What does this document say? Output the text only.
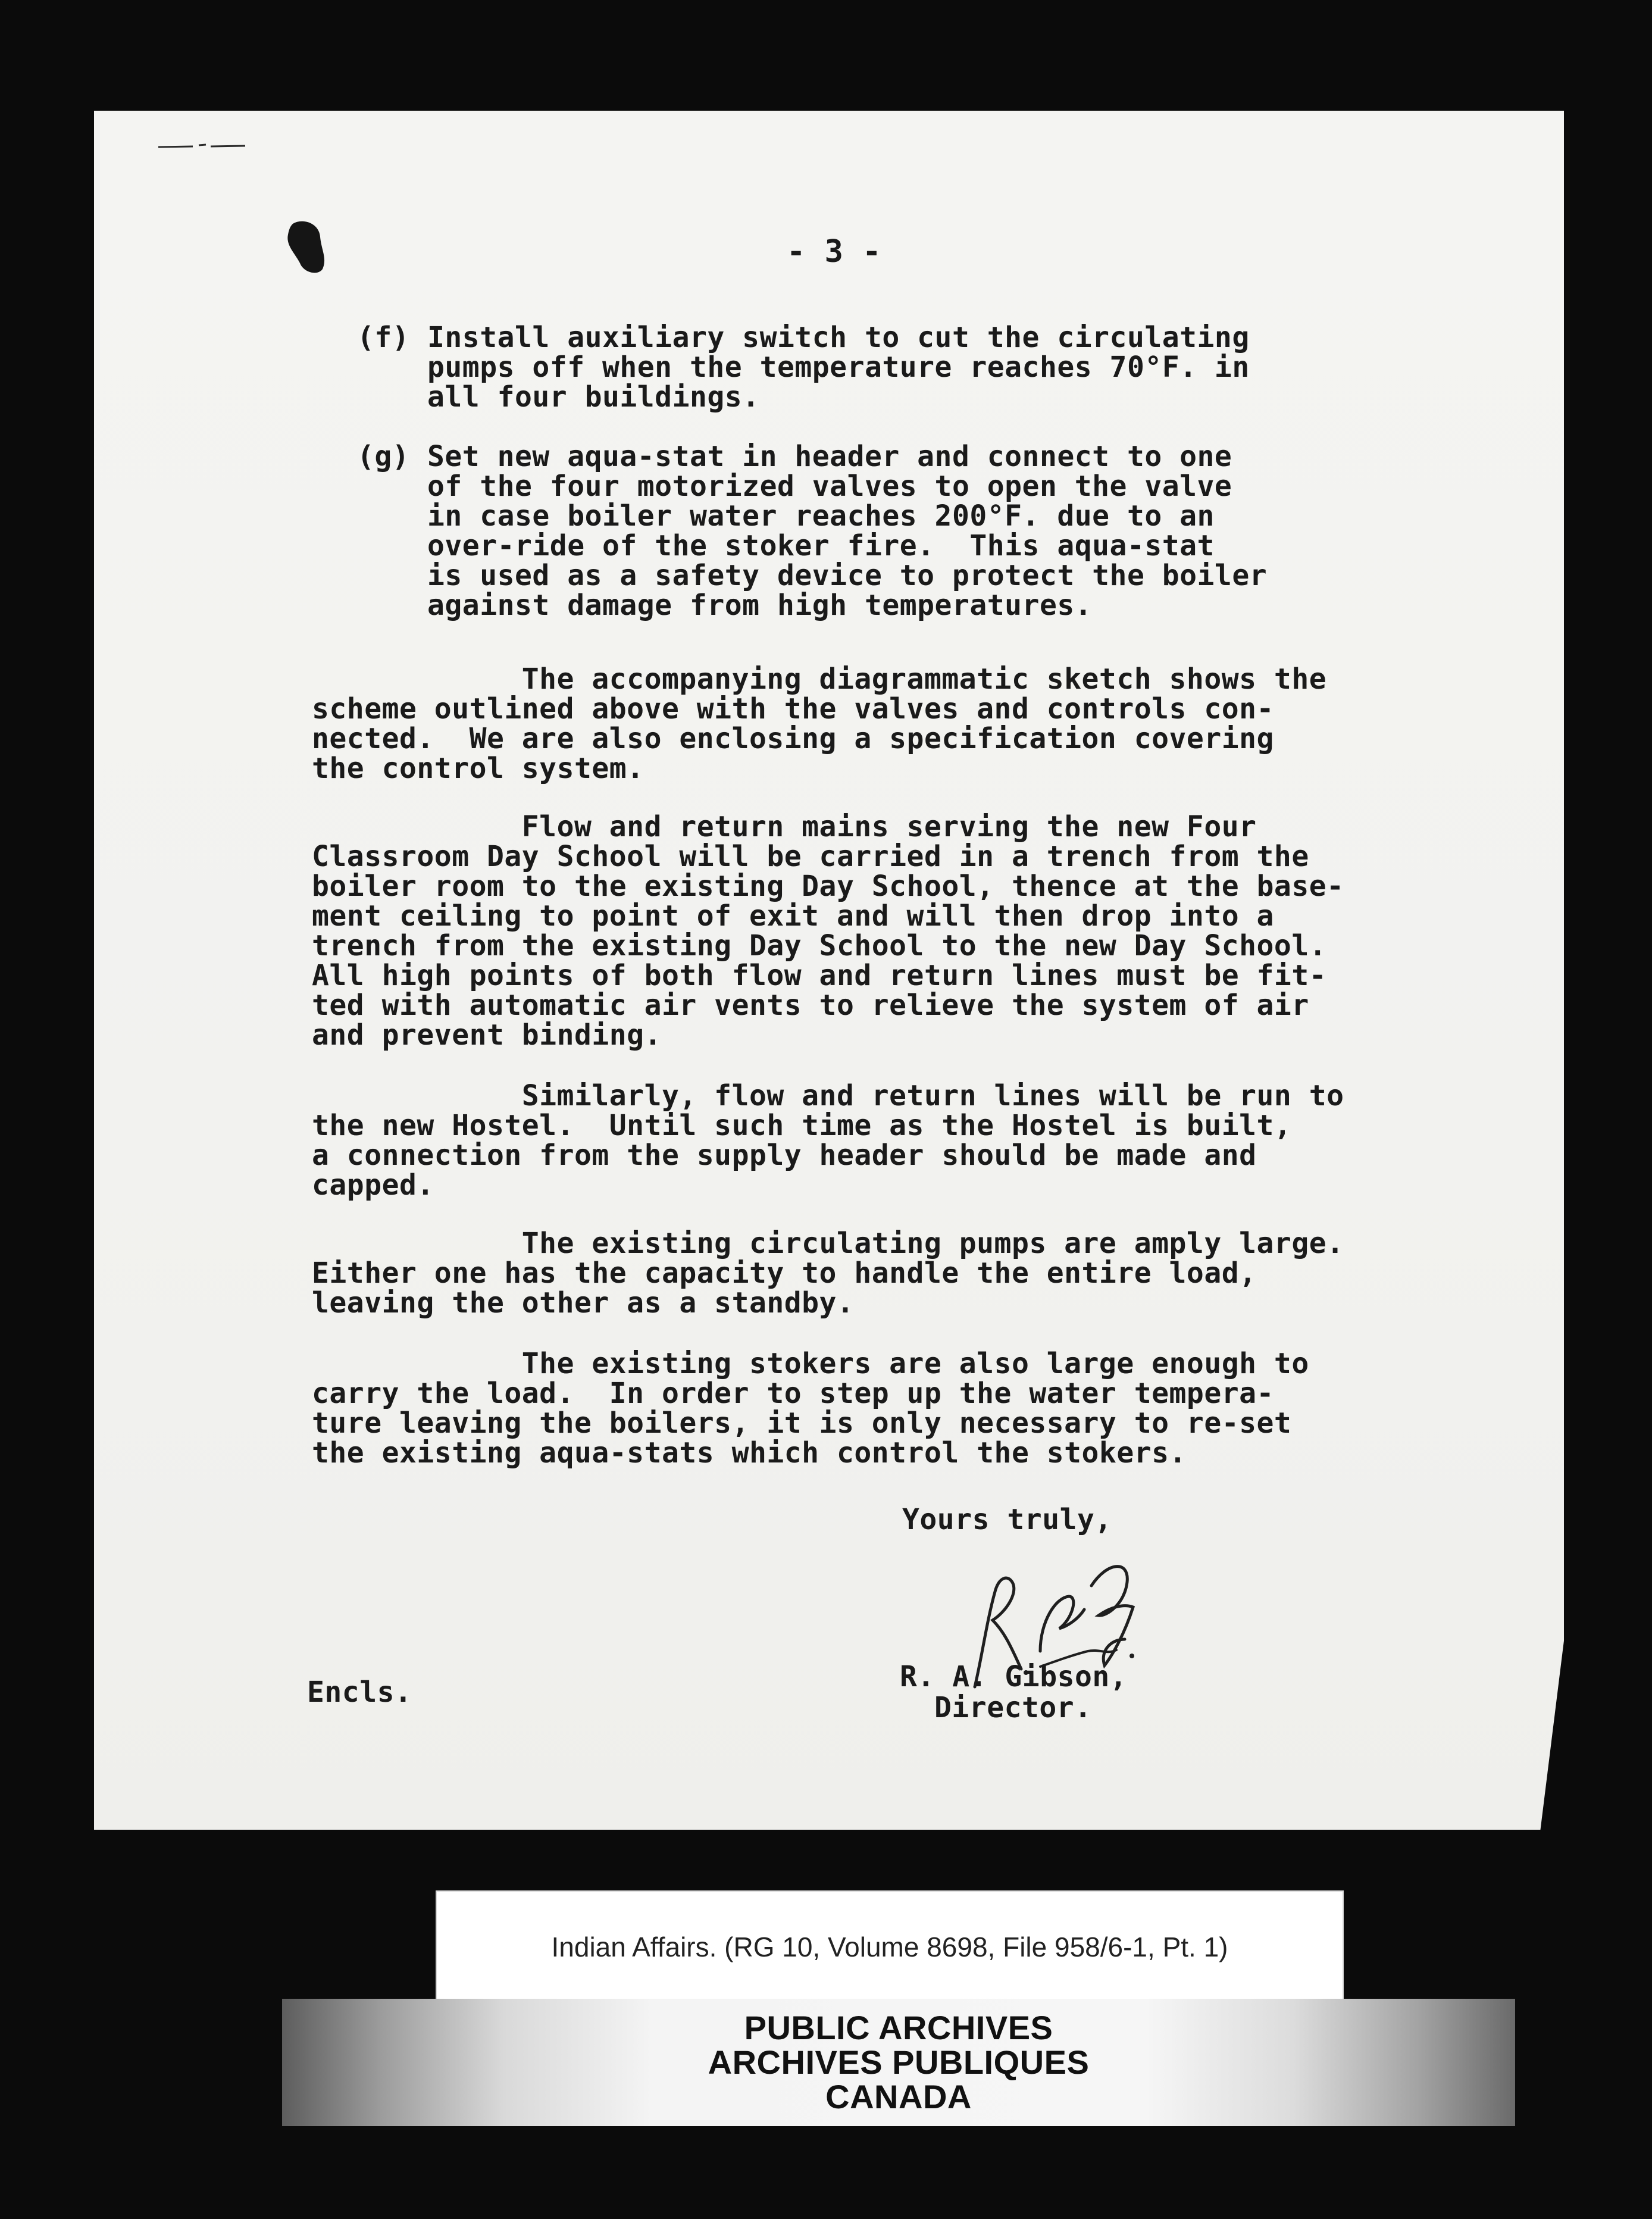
- 3 -
(f) Install auxiliary switch to cut the circulating
pumps off when the temperature reaches 70°F. in
all four buildings.
(g) Set new aqua-stat in header and connect to one
of the four motorized valves to open the valve
in case boiler water reaches 200°F. due to an
over-ride of the stoker fire.  This aqua-stat
is used as a safety device to protect the boiler
against damage from high temperatures.
The accompanying diagrammatic sketch shows the
scheme outlined above with the valves and controls con-
nected.  We are also enclosing a specification covering
the control system.
Flow and return mains serving the new Four
Classroom Day School will be carried in a trench from the
boiler room to the existing Day School, thence at the base-
ment ceiling to point of exit and will then drop into a
trench from the existing Day School to the new Day School.
All high points of both flow and return lines must be fit-
ted with automatic air vents to relieve the system of air
and prevent binding.
Similarly, flow and return lines will be run to
the new Hostel.  Until such time as the Hostel is built,
a connection from the supply header should be made and
capped.
The existing circulating pumps are amply large.
Either one has the capacity to handle the entire load,
leaving the other as a standby.
The existing stokers are also large enough to
carry the load.  In order to step up the water tempera-
ture leaving the boilers, it is only necessary to re-set
the existing aqua-stats which control the stokers.
Yours truly,
R. A. Gibson,
Director.
Encls.
Indian Affairs. (RG 10, Volume 8698, File 958/6-1, Pt. 1)
PUBLIC ARCHIVES
ARCHIVES PUBLIQUES
CANADA
